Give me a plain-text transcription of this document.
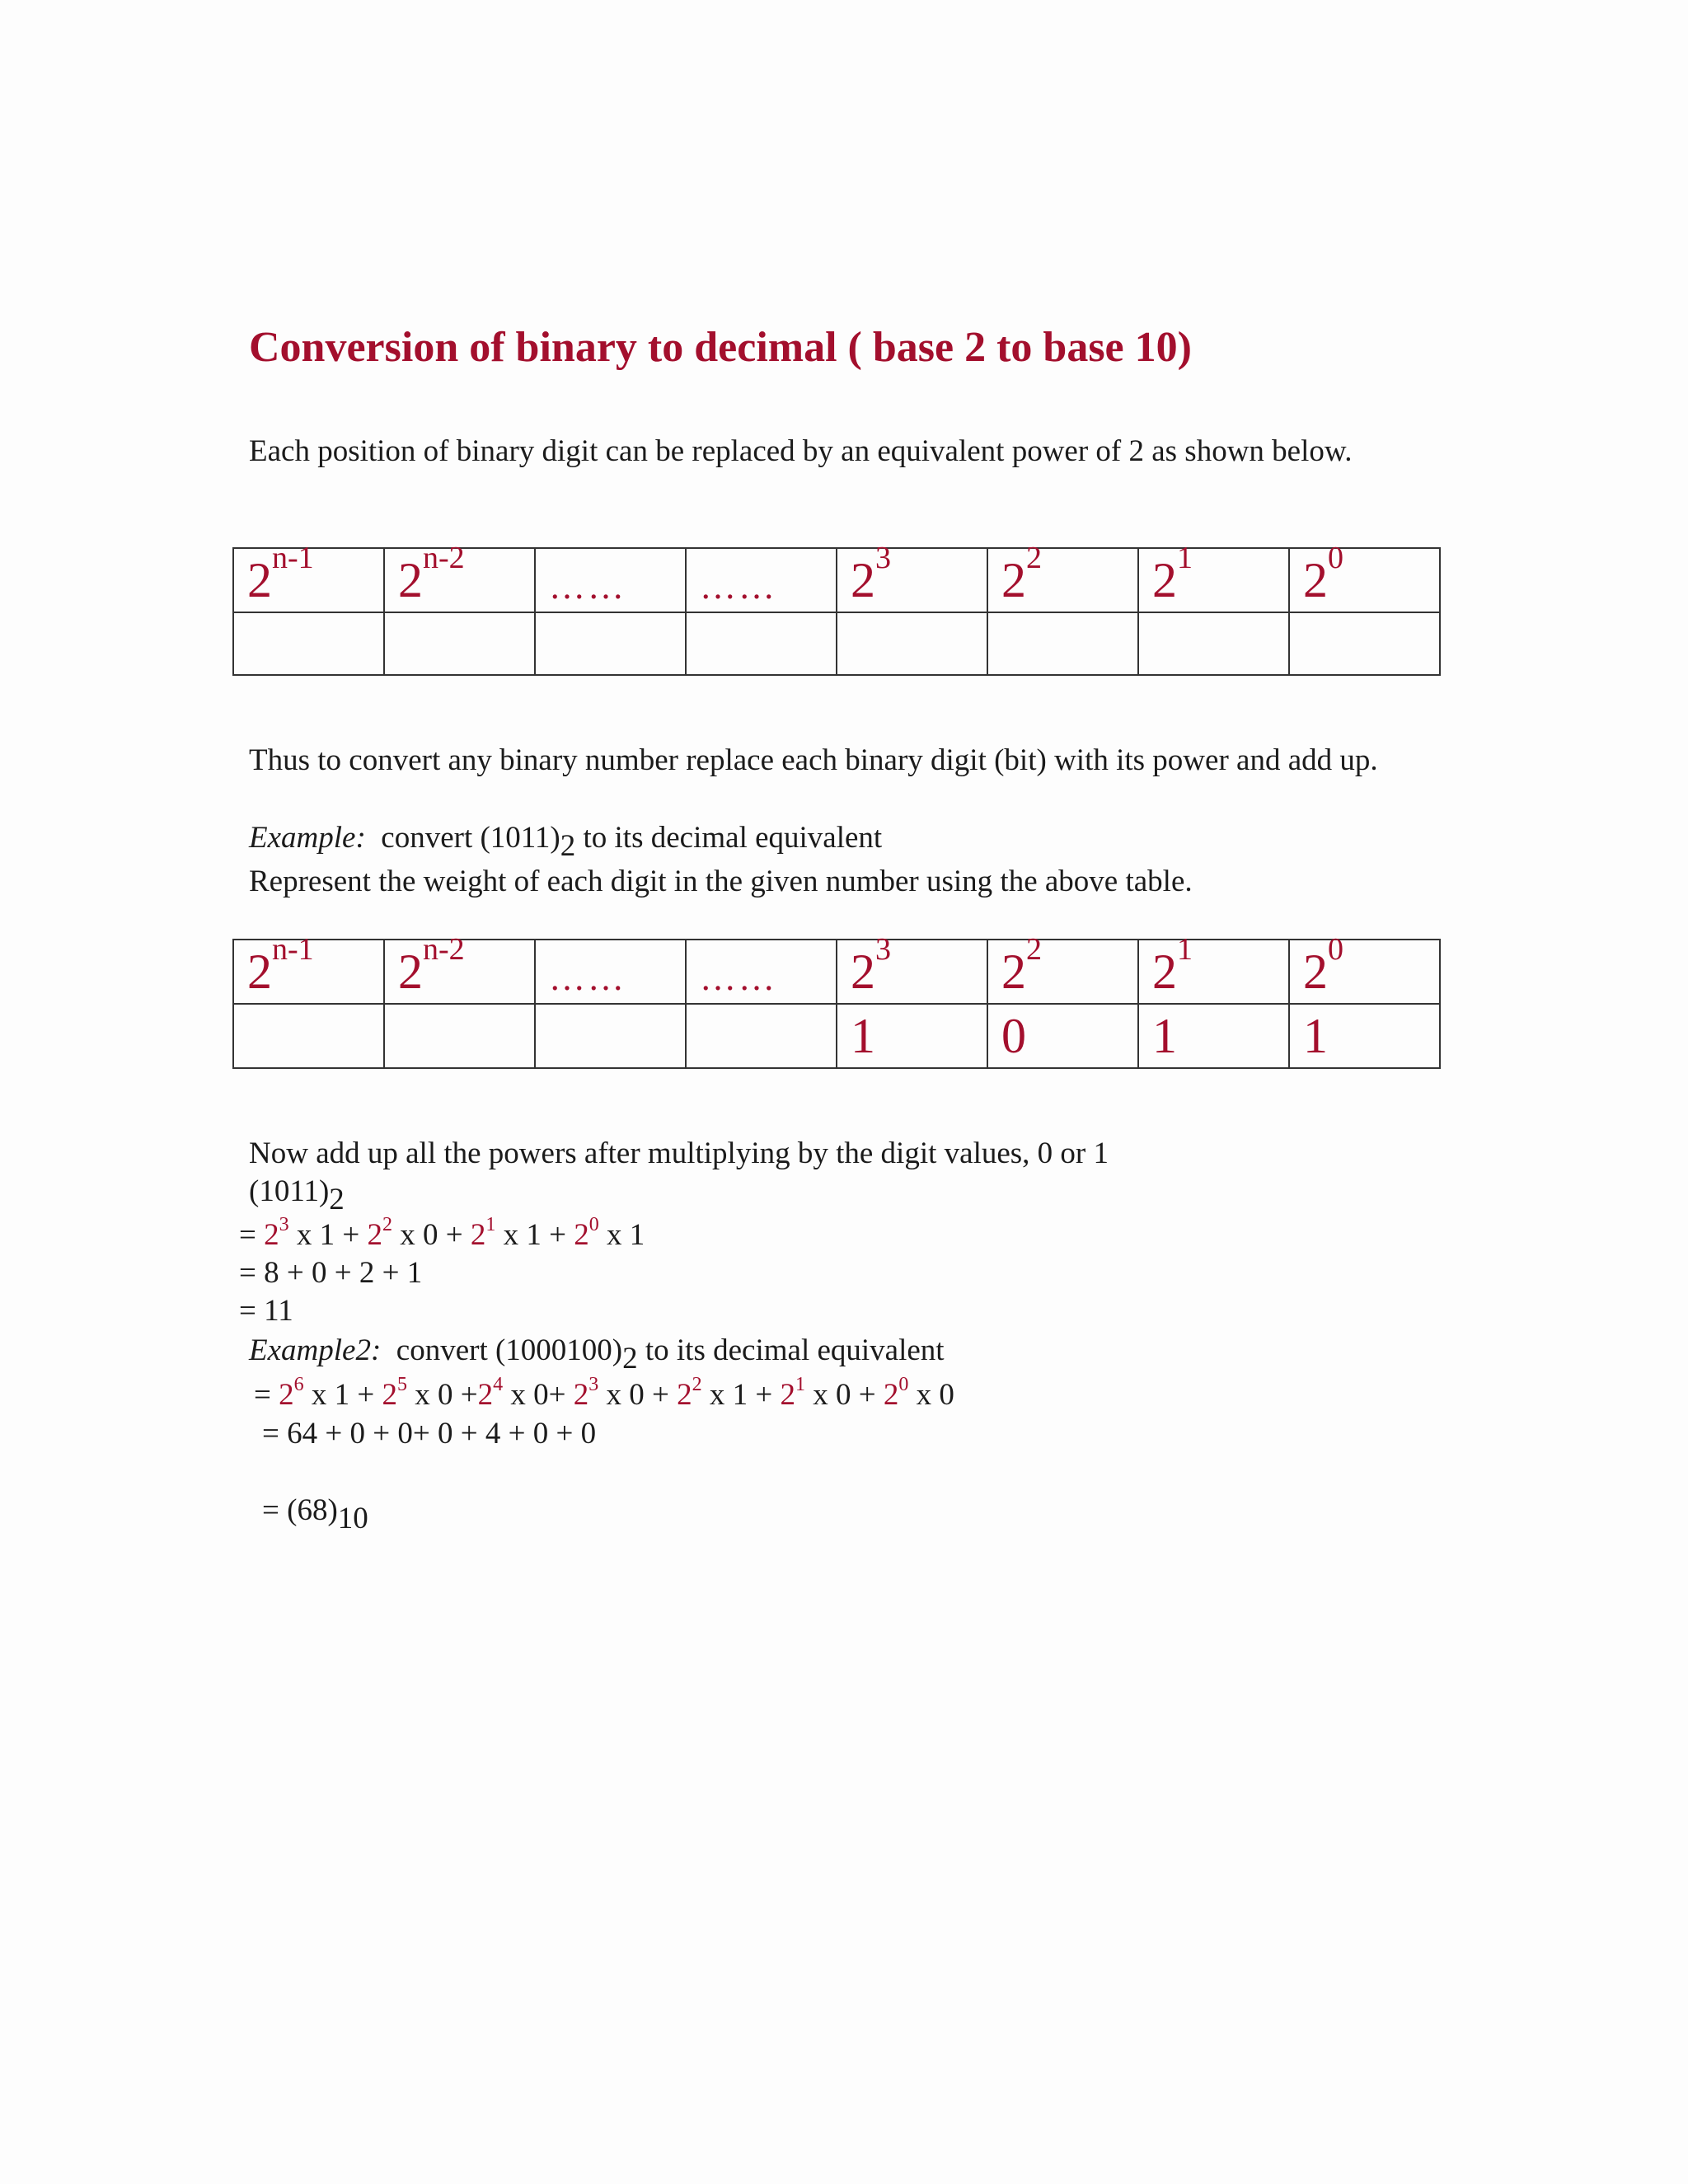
Conversion of binary to decimal ( base 2 to base 10)
Each position of binary digit can be replaced by an equivalent power of 2 as shown below.
2$^{n-1}$	2$^{n-2}$	……	……	$2^3$	$2^2$	$2^1$	$2^0$

Thus to convert any binary number replace each binary digit (bit) with its power and add up.
Example: convert (1011)2 to its decimal equivalent
Represent the weight of each digit in the given number using the above table.
2$^{n-1}$	2$^{n-2}$	……	……	$2^3$	$2^2$	$2^1$	$2^0$
				1	0	1	1
Now add up all the powers after multiplying by the digit values, 0 or 1
(1011)2
= $2^3$ x $1 + 2^2$ x $0 + 2^1$ x $1 + 2^0$ x 1
= 8 + 0 + 2 + 1
= 11
Example2: convert (1000100)2 to its decimal equivalent
= $2^6$ x $1 + 2^5$ x $0 +2^4$ x $0+ 2^3$ x $0 + 2^2$ x $1 + 2^1$ x $0 + 2^0$ x 0
= 64 + 0 + 0+ 0 + 4 + 0 + 0
= (68)10
